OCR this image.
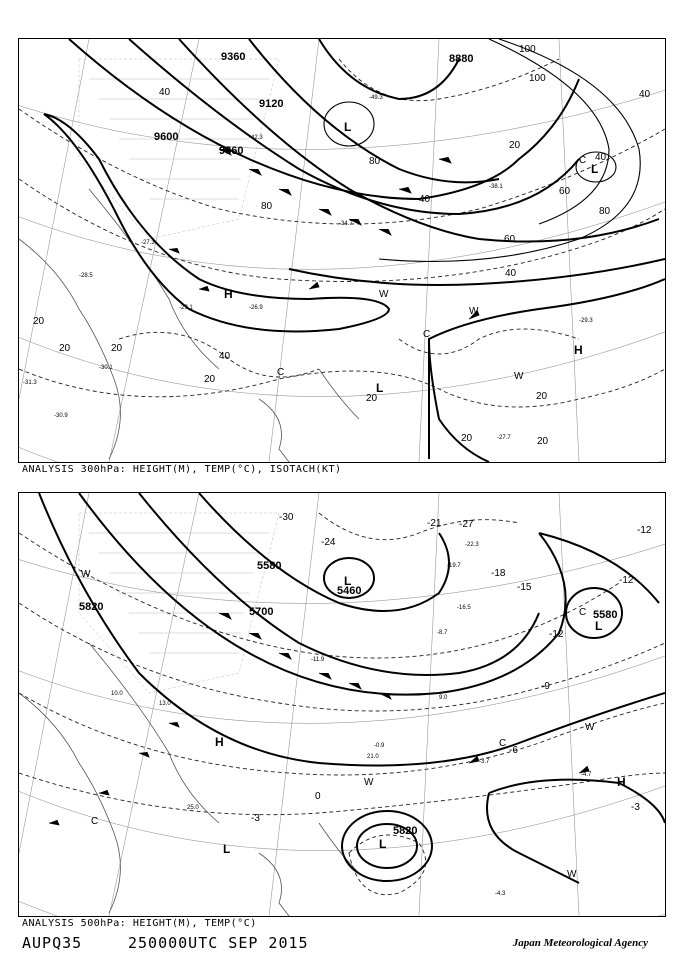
9600
9120
9360
9360	8880
80
80
80
40
40
40
40
40
40
20
20	20
20
20
20	20
20
20
60
60
100
100
H
H
L
L
L
C
C
C
W
W
W
-28.5
-27.3
-29.1	-26.9
-30.1
-34.7
-42.3
-49.3
-38.1
-29.3
-27.7
-30.9
-31.3
ANALYSIS 300hPa: HEIGHT(M), TEMP(°C), ISOTACH(KT)
5820	5700
5580
5460
5580
5820
-3
-3
-6
-9
-12
-12
-12
-15
-18
-21
-24
-27
-30
0
H
H
L
L
L
L
C
C
C
W
W
W
W
-4.3
-4.7
-3.7
-0.9
10.0
13.0
-11.9
-19.7
-22.3
-16.5
-8.7
9.0
21.0
25.0
ANALYSIS 500hPa: HEIGHT(M), TEMP(°C)
AUPQ35	250000UTC SEP 2015	Japan Meteorological Agency
